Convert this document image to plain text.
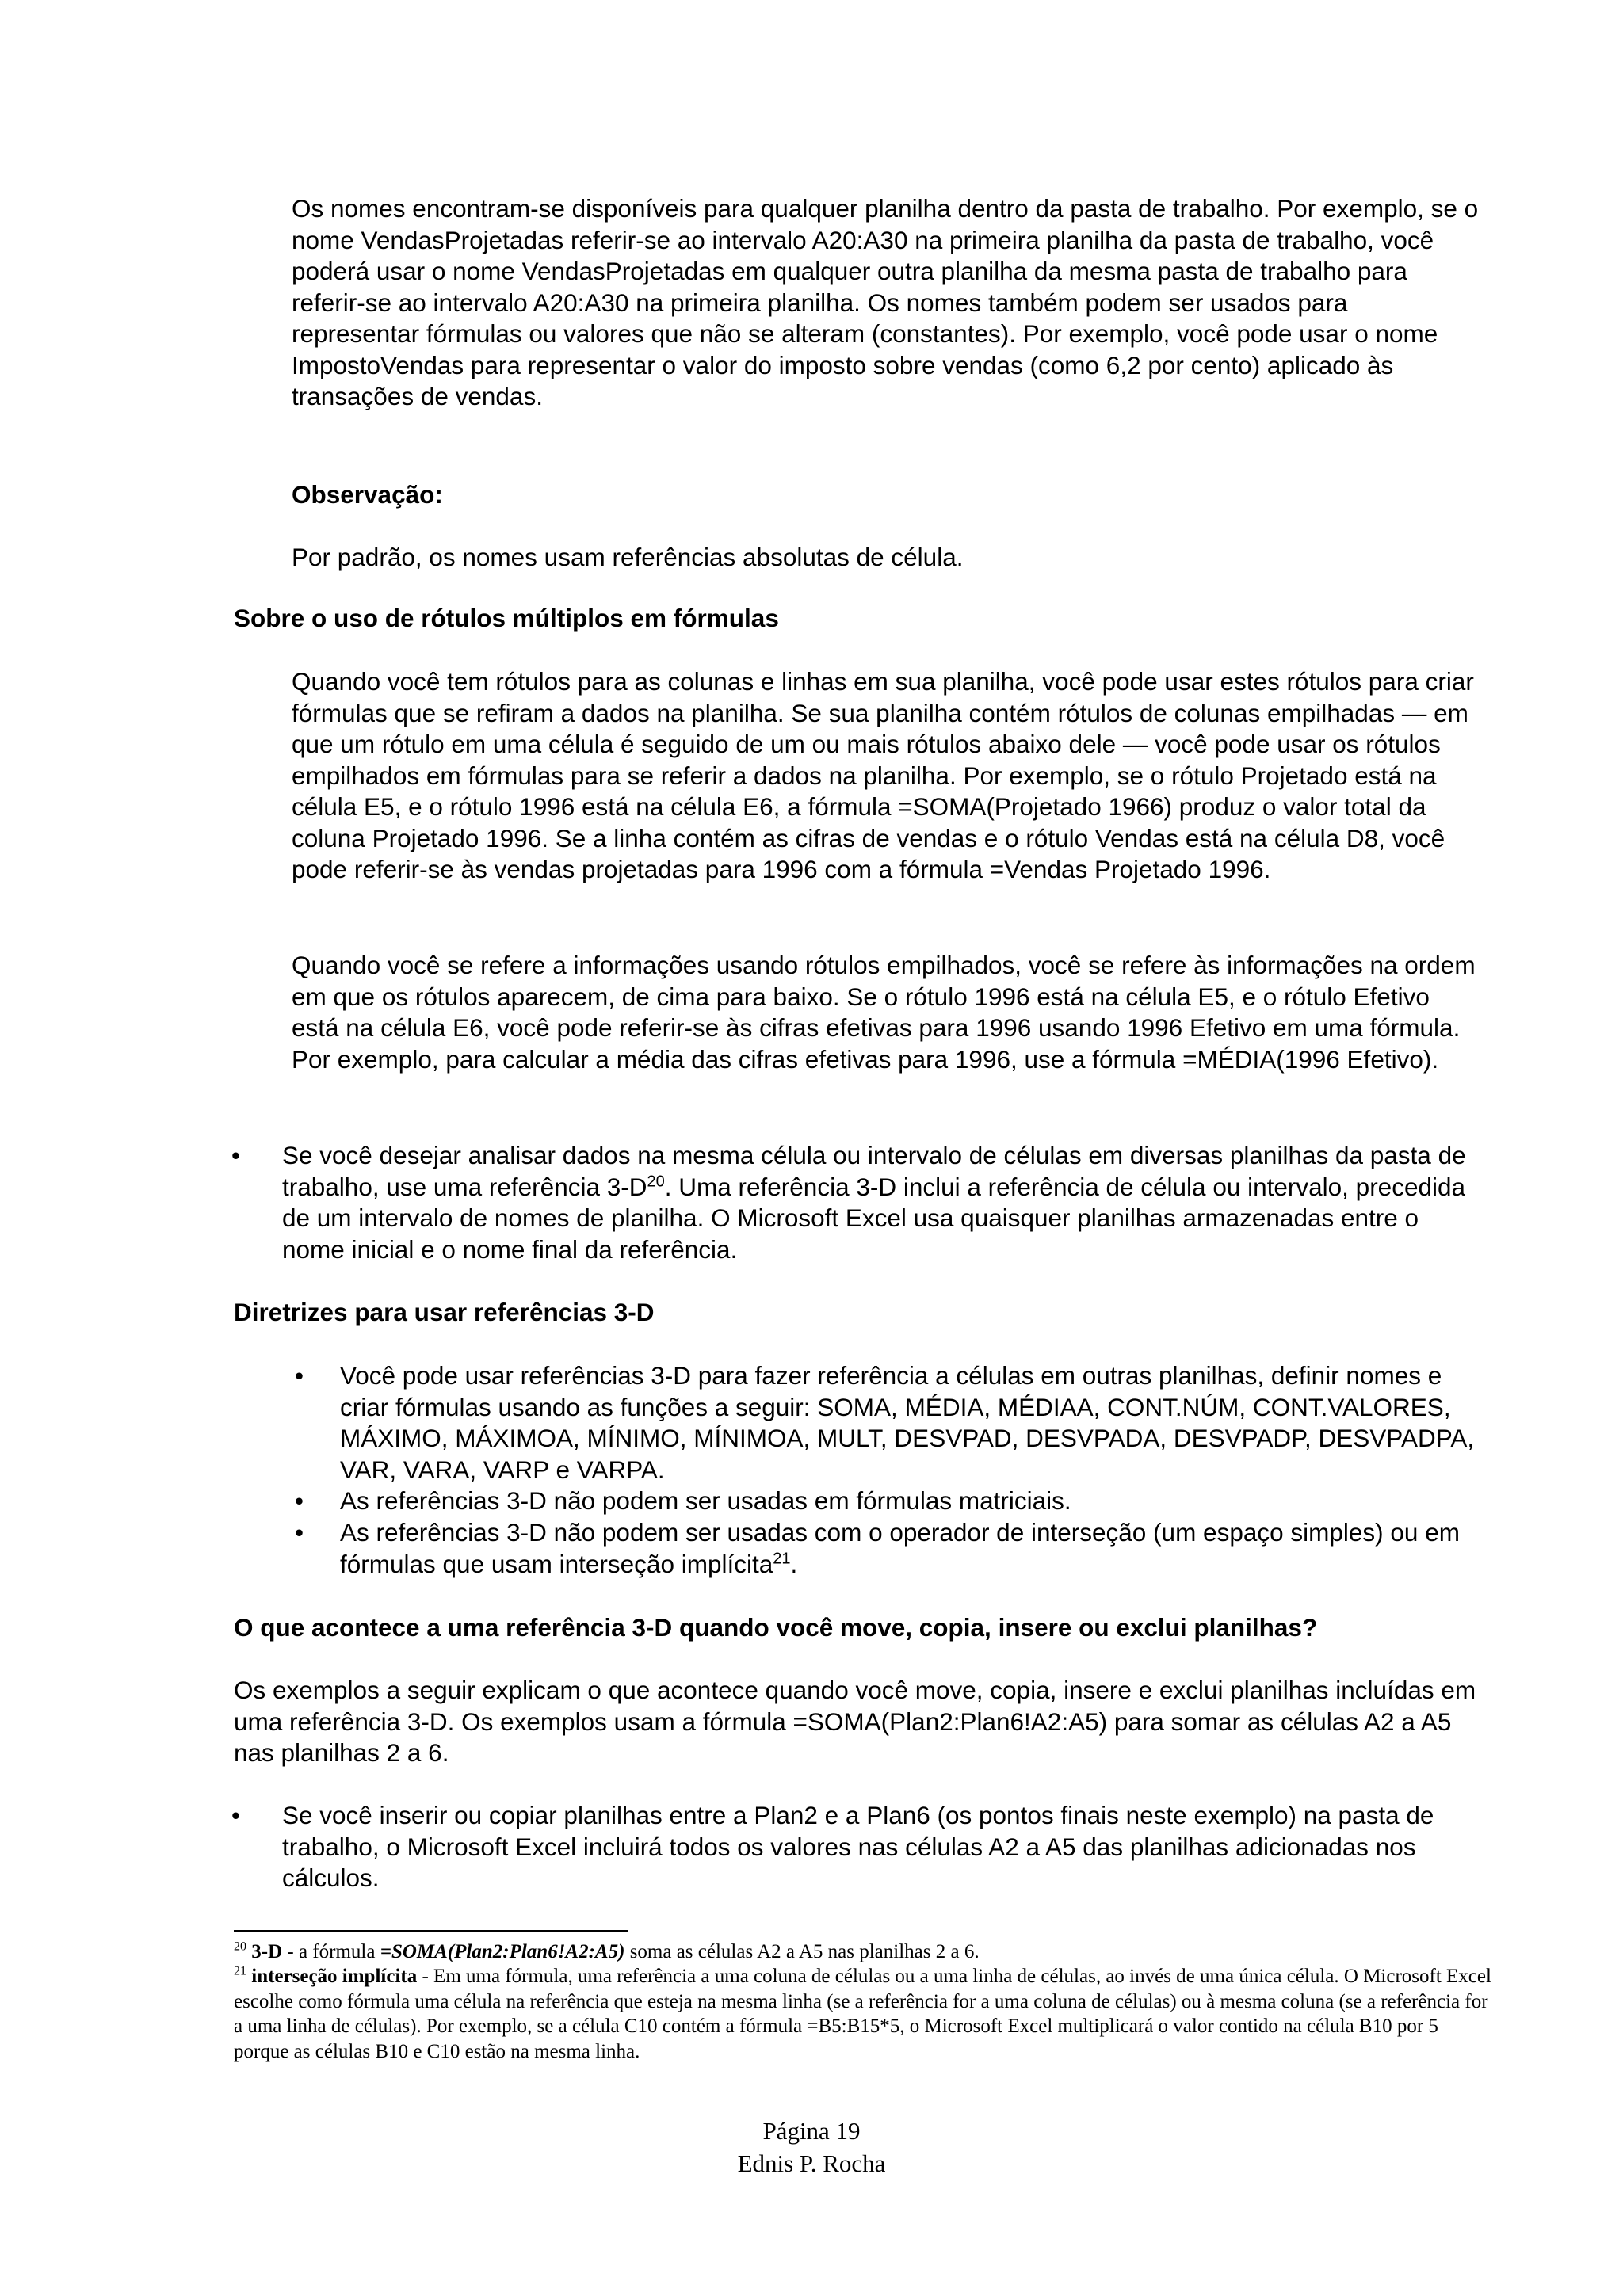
Os nomes encontram-se disponíveis para qualquer planilha dentro da pasta de trabalho. Por exemplo, se o nome VendasProjetadas referir-se ao intervalo A20:A30 na primeira planilha da pasta de trabalho, você poderá usar o nome VendasProjetadas em qualquer outra planilha da mesma pasta de trabalho para referir-se ao intervalo A20:A30 na primeira planilha. Os nomes também podem ser usados para representar fórmulas ou valores que não se alteram (constantes). Por exemplo, você pode usar o nome ImpostoVendas para representar o valor do imposto sobre vendas (como 6,2 por cento) aplicado às transações de vendas.

Observação:

Por padrão, os nomes usam referências absolutas de célula.

Sobre o uso de rótulos múltiplos em fórmulas

Quando você tem rótulos para as colunas e linhas em sua planilha, você pode usar estes rótulos para criar fórmulas que se refiram a dados na planilha. Se sua planilha contém rótulos de colunas empilhadas — em que um rótulo em uma célula é seguido de um ou mais rótulos abaixo dele — você pode usar os rótulos empilhados em fórmulas para se referir a dados na planilha. Por exemplo, se o rótulo Projetado está na célula E5, e o rótulo 1996 está na célula E6, a fórmula =SOMA(Projetado 1966) produz o valor total da coluna Projetado 1996. Se a linha contém as cifras de vendas e o rótulo Vendas está na célula D8, você pode referir-se às vendas projetadas para 1996 com a fórmula =Vendas Projetado 1996.

Quando você se refere a informações usando rótulos empilhados, você se refere às informações na ordem em que os rótulos aparecem, de cima para baixo. Se o rótulo 1996 está na célula E5, e o rótulo Efetivo está na célula E6, você pode referir-se às cifras efetivas para 1996 usando 1996 Efetivo em uma fórmula. Por exemplo, para calcular a média das cifras efetivas para 1996, use a fórmula =MÉDIA(1996 Efetivo).

• Se você desejar analisar dados na mesma célula ou intervalo de células em diversas planilhas da pasta de trabalho, use uma referência $3-D^{20}$. Uma referência 3-D inclui a referência de célula ou intervalo, precedida de um intervalo de nomes de planilha. O Microsoft Excel usa quaisquer planilhas armazenadas entre o nome inicial e o nome final da referência.

Diretrizes para usar referências 3-D

• Você pode usar referências 3-D para fazer referência a células em outras planilhas, definir nomes e criar fórmulas usando as funções a seguir: SOMA, MÉDIA, MÉDIAA, CONT.NÚM, CONT.VALORES, MÁXIMO, MÁXIMOA, MÍNIMO, MÍNIMOA, MULT, DESVPAD, DESVPADA, DESVPADP, DESVPADPA, VAR, VARA, VARP e VARPA.

• As referências 3-D não podem ser usadas em fórmulas matriciais.

• As referências 3-D não podem ser usadas com o operador de interseção (um espaço simples) ou em fórmulas que usam interseção implícita$^{21}$.

O que acontece a uma referência 3-D quando você move, copia, insere ou exclui planilhas?

Os exemplos a seguir explicam o que acontece quando você move, copia, insere e exclui planilhas incluídas em uma referência 3-D. Os exemplos usam a fórmula =SOMA(Plan2:Plan6!A2:A5) para somar as células A2 a A5 nas planilhas 2 a 6.

• Se você inserir ou copiar planilhas entre a Plan2 e a Plan6 (os pontos finais neste exemplo) na pasta de trabalho, o Microsoft Excel incluirá todos os valores nas células A2 a A5 das planilhas adicionadas nos cálculos.

$^{20}$ 3-D - a fórmula =SOMA(Plan2:Plan6!A2:A5) soma as células A2 a A5 nas planilhas 2 a 6.

$^{21}$ interseção implícita - Em uma fórmula, uma referência a uma coluna de células ou a uma linha de células, ao invés de uma única célula. O Microsoft Excel escolhe como fórmula uma célula na referência que esteja na mesma linha (se a referência for a uma coluna de células) ou à mesma coluna (se a referência for a uma linha de células). Por exemplo, se a célula C10 contém a fórmula =B5:B15*5, o Microsoft Excel multiplicará o valor contido na célula B10 por 5 porque as células B10 e C10 estão na mesma linha.

Página 19
Ednis P. Rocha
